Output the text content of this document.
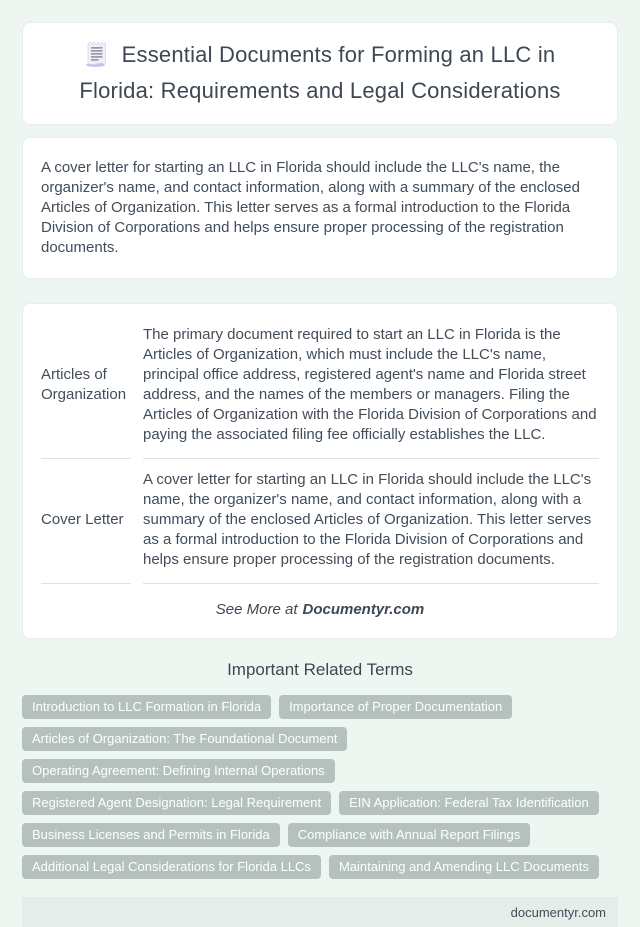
Essential Documents for Forming an LLC in Florida: Requirements and Legal Considerations

A cover letter for starting an LLC in Florida should include the LLC's name, the organizer's name, and contact information, along with a summary of the enclosed Articles of Organization. This letter serves as a formal introduction to the Florida Division of Corporations and helps ensure proper processing of the registration documents.

Articles of Organization	The primary document required to start an LLC in Florida is the Articles of Organization, which must include the LLC's name, principal office address, registered agent's name and Florida street address, and the names of the members or managers. Filing the Articles of Organization with the Florida Division of Corporations and paying the associated filing fee officially establishes the LLC.
Cover Letter	A cover letter for starting an LLC in Florida should include the LLC's name, the organizer's name, and contact information, along with a summary of the enclosed Articles of Organization. This letter serves as a formal introduction to the Florida Division of Corporations and helps ensure proper processing of the registration documents.
See More at Documentyr.com
Important Related Terms
Introduction to LLC Formation in Florida	Importance of Proper Documentation
Articles of Organization: The Foundational Document
Operating Agreement: Defining Internal Operations
Registered Agent Designation: Legal Requirement	EIN Application: Federal Tax Identification
Business Licenses and Permits in Florida	Compliance with Annual Report Filings
Additional Legal Considerations for Florida LLCs	Maintaining and Amending LLC Documents
documentyr.com
